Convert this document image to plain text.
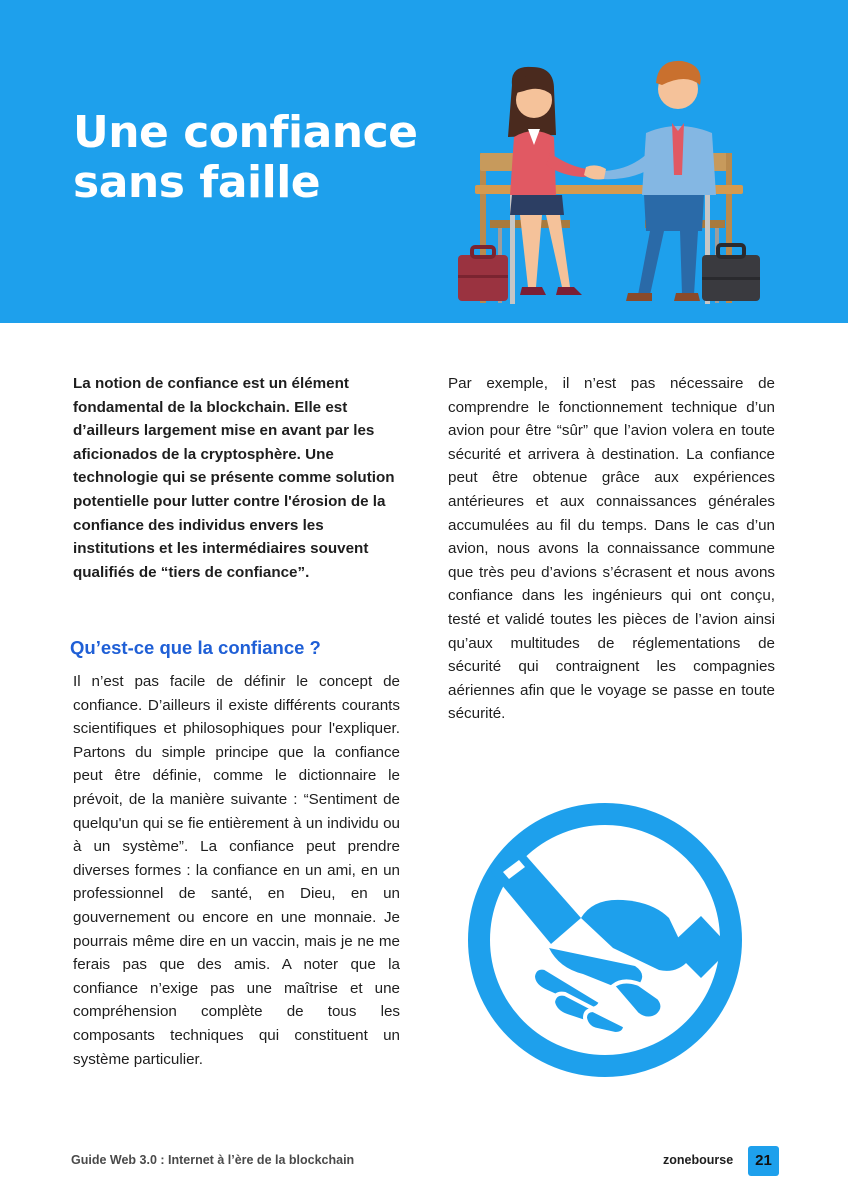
Une confiance
sans faille
La notion de confiance est un élément fondamental de la blockchain. Elle est d’ailleurs largement mise en avant par les aficionados de la cryptosphère. Une technologie qui se présente comme solution potentielle pour lutter contre l'érosion de la confiance des individus envers les institutions et les intermédiaires souvent qualifiés de “tiers de confiance”.
Qu’est-ce que la confiance ?
Il n’est pas facile de définir le concept de confiance. D’ailleurs il existe différents courants scientifiques et philosophiques pour l'expliquer. Partons du simple principe que la confiance peut être définie, comme le dictionnaire le prévoit, de la manière suivante : “Sentiment de quelqu'un qui se fie entièrement à un individu ou à un système”. La confiance peut prendre diverses formes : la confiance en un ami, en un professionnel de santé, en Dieu, en un gouvernement ou encore en une monnaie. Je pourrais même dire en un vaccin, mais je ne me ferais pas que des amis. A noter que la confiance n’exige pas une maîtrise et une compréhension complète de tous les composants techniques qui constituent un système particulier.
Par exemple, il n’est pas nécessaire de comprendre le fonctionnement technique d’un avion pour être “sûr” que l’avion volera en toute sécurité et arrivera à destination. La confiance peut être obtenue grâce aux expériences antérieures et aux connaissances générales accumulées au fil du temps. Dans le cas d’un avion, nous avons la connaissance commune que très peu d’avions s’écrasent et nous avons confiance dans les ingénieurs qui ont conçu, testé et validé toutes les pièces de l’avion ainsi qu’aux multitudes de réglementations de sécurité qui contraignent les compagnies aériennes afin que le voyage se passe en toute sécurité.
Guide Web 3.0 : Internet à l’ère de la blockchain	zonebourse	21
